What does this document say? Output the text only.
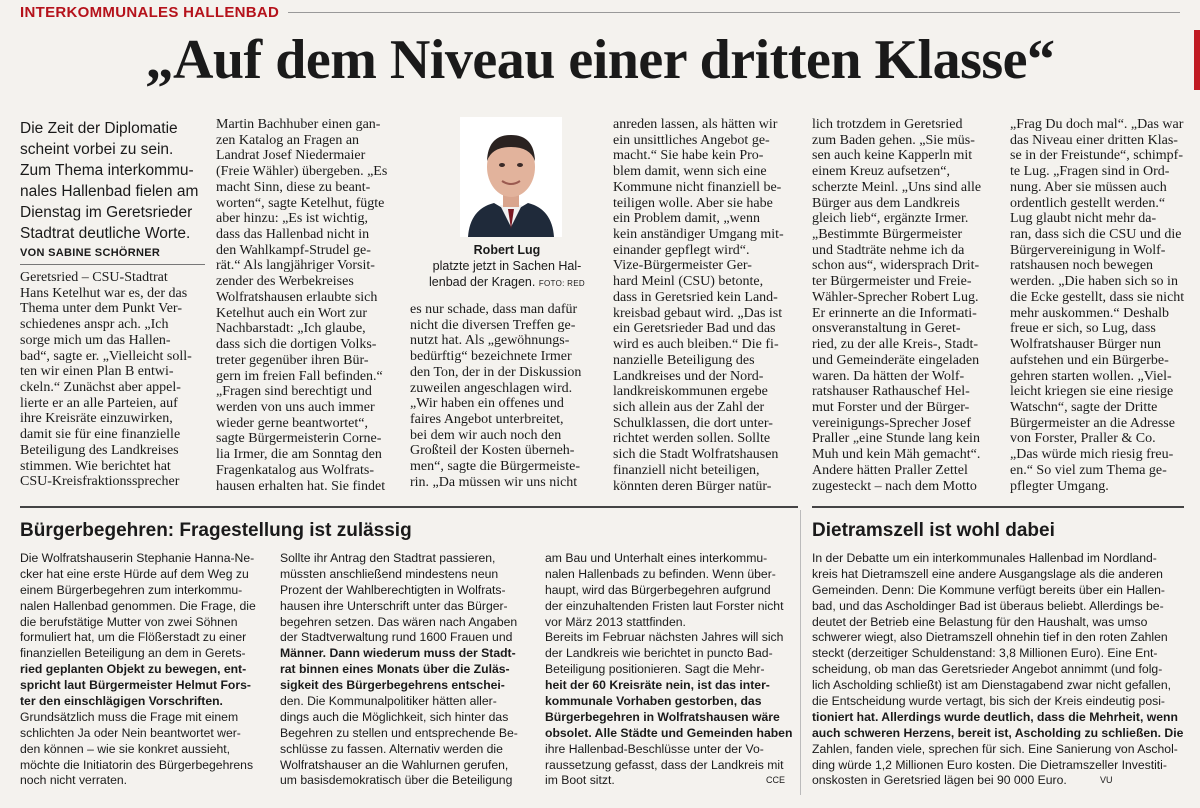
INTERKOMMUNALES HALLENBAD
„Auf dem Niveau einer dritten Klasse“
Die Zeit der Diplomatie
scheint vorbei zu sein.
Zum Thema interkommu-
nales Hallenbad fielen am
Dienstag im Geretsrieder
Stadtrat deutliche Worte.
VON SABINE SCHÖRNER
Geretsried – CSU-Stadtrat
Hans Ketelhut war es, der das
Thema unter dem Punkt Ver-
schiedenes anspr ach. „Ich
sorge mich um das Hallen-
bad“, sagte er. „Vielleicht soll-
ten wir einen Plan B entwi-
ckeln.“ Zunächst aber appel-
lierte er an alle Parteien, auf
ihre Kreisräte einzuwirken,
damit sie für eine finanzielle
Beteiligung des Landkreises
stimmen. Wie berichtet hat
CSU-Kreisfraktionssprecher
Martin Bachhuber einen gan-
zen Katalog an Fragen an
Landrat Josef Niedermaier
(Freie Wähler) übergeben. „Es
macht Sinn, diese zu beant-
worten“, sagte Ketelhut, fügte
aber hinzu: „Es ist wichtig,
dass das Hallenbad nicht in
den Wahlkampf-Strudel ge-
rät.“ Als langjähriger Vorsit-
zender des Werbekreises
Wolfratshausen erlaubte sich
Ketelhut auch ein Wort zur
Nachbarstadt: „Ich glaube,
dass sich die dortigen Volks-
treter gegenüber ihren Bür-
gern im freien Fall befinden.“
„Fragen sind berechtigt und
werden von uns auch immer
wieder gerne beantwortet“,
sagte Bürgermeisterin Corne-
lia Irmer, die am Sonntag den
Fragenkatalog aus Wolfrats-
hausen erhalten hat. Sie findet
Robert Lug
platzte jetzt in Sachen Hal-
lenbad der Kragen. FOTO: RED
es nur schade, dass man dafür
nicht die diversen Treffen ge-
nutzt hat. Als „gewöhnungs-
bedürftig“ bezeichnete Irmer
den Ton, der in der Diskussion
zuweilen angeschlagen wird.
„Wir haben ein offenes und
faires Angebot unterbreitet,
bei dem wir auch noch den
Großteil der Kosten überneh-
men“, sagte die Bürgermeiste-
rin. „Da müssen wir uns nicht
anreden lassen, als hätten wir
ein unsittliches Angebot ge-
macht.“ Sie habe kein Pro-
blem damit, wenn sich eine
Kommune nicht finanziell be-
teiligen wolle. Aber sie habe
ein Problem damit, „wenn
kein anständiger Umgang mit-
einander gepflegt wird“.
Vize-Bürgermeister Ger-
hard Meinl (CSU) betonte,
dass in Geretsried kein Land-
kreisbad gebaut wird. „Das ist
ein Geretsrieder Bad und das
wird es auch bleiben.“ Die fi-
nanzielle Beteiligung des
Landkreises und der Nord-
landkreiskommunen ergebe
sich allein aus der Zahl der
Schulklassen, die dort unter-
richtet werden sollen. Sollte
sich die Stadt Wolfratshausen
finanziell nicht beteiligen,
könnten deren Bürger natür-
lich trotzdem in Geretsried
zum Baden gehen. „Sie müs-
sen auch keine Kapperln mit
einem Kreuz aufsetzen“,
scherzte Meinl. „Uns sind alle
Bürger aus dem Landkreis
gleich lieb“, ergänzte Irmer.
„Bestimmte Bürgermeister
und Stadträte nehme ich da
schon aus“, widersprach Drit-
ter Bürgermeister und Freie-
Wähler-Sprecher Robert Lug.
Er erinnerte an die Informati-
onsveranstaltung in Geret-
ried, zu der alle Kreis-, Stadt-
und Gemeinderäte eingeladen
waren. Da hätten der Wolf-
ratshauser Rathauschef Hel-
mut Forster und der Bürger-
vereinigungs-Sprecher Josef
Praller „eine Stunde lang kein
Muh und kein Mäh gemacht“.
Andere hätten Praller Zettel
zugesteckt – nach dem Motto
„Frag Du doch mal“. „Das war
das Niveau einer dritten Klas-
se in der Freistunde“, schimpf-
te Lug. „Fragen sind in Ord-
nung. Aber sie müssen auch
ordentlich gestellt werden.“
Lug glaubt nicht mehr da-
ran, dass sich die CSU und die
Bürgervereinigung in Wolf-
ratshausen noch bewegen
werden. „Die haben sich so in
die Ecke gestellt, dass sie nicht
mehr auskommen.“ Deshalb
freue er sich, so Lug, dass
Wolfratshauser Bürger nun
aufstehen und ein Bürgerbe-
gehren starten wollen. „Viel-
leicht kriegen sie eine riesige
Watschn“, sagte der Dritte
Bürgermeister an die Adresse
von Forster, Praller & Co.
„Das würde mich riesig freu-
en.“ So viel zum Thema ge-
pflegter Umgang.
Bürgerbegehren: Fragestellung ist zulässig
Die Wolfratshauserin Stephanie Hanna-Ne-
cker hat eine erste Hürde auf dem Weg zu
einem Bürgerbegehren zum interkommu-
nalen Hallenbad genommen. Die Frage, die
die berufstätige Mutter von zwei Söhnen
formuliert hat, um die Flößerstadt zu einer
finanziellen Beteiligung an dem in Gerets-
ried geplanten Objekt zu bewegen, ent-
spricht laut Bürgermeister Helmut Fors-
ter den einschlägigen Vorschriften.
Grundsätzlich muss die Frage mit einem
schlichten Ja oder Nein beantwortet wer-
den können – wie sie konkret aussieht,
möchte die Initiatorin des Bürgerbegehrens
noch nicht verraten.
Sollte ihr Antrag den Stadtrat passieren,
müssten anschließend mindestens neun
Prozent der Wahlberechtigten in Wolfrats-
hausen ihre Unterschrift unter das Bürger-
begehren setzen. Das wären nach Angaben
der Stadtverwaltung rund 1600 Frauen und
Männer. Dann wiederum muss der Stadt-
rat binnen eines Monats über die Zuläs-
sigkeit des Bürgerbegehrens entschei-
den. Die Kommunalpolitiker hätten aller-
dings auch die Möglichkeit, sich hinter das
Begehren zu stellen und entsprechende Be-
schlüsse zu fassen. Alternativ werden die
Wolfratshauser an die Wahlurnen gerufen,
um basisdemokratisch über die Beteiligung
am Bau und Unterhalt eines interkommu-
nalen Hallenbads zu befinden. Wenn über-
haupt, wird das Bürgerbegehren aufgrund
der einzuhaltenden Fristen laut Forster nicht
vor März 2013 stattfinden.
Bereits im Februar nächsten Jahres will sich
der Landkreis wie berichtet in puncto Bad-
Beteiligung positionieren. Sagt die Mehr-
heit der 60 Kreisräte nein, ist das inter-
kommunale Vorhaben gestorben, das
Bürgerbegehren in Wolfratshausen wäre
obsolet. Alle Städte und Gemeinden haben
ihre Hallenbad-Beschlüsse unter der Vo-
raussetzung gefasst, dass der Landkreis mit
im Boot sitzt.	CCE
Dietramszell ist wohl dabei
In der Debatte um ein interkommunales Hallenbad im Nordland-
kreis hat Dietramszell eine andere Ausgangslage als die anderen
Gemeinden. Denn: Die Kommune verfügt bereits über ein Hallen-
bad, und das Ascholdinger Bad ist überaus beliebt. Allerdings be-
deutet der Betrieb eine Belastung für den Haushalt, was umso
schwerer wiegt, also Dietramszell ohnehin tief in den roten Zahlen
steckt (derzeitiger Schuldenstand: 3,8 Millionen Euro). Eine Ent-
scheidung, ob man das Geretsrieder Angebot annimmt (und folg-
lich Ascholding schließt) ist am Dienstagabend zwar nicht gefallen,
die Entscheidung wurde vertagt, bis sich der Kreis eindeutig posi-
tioniert hat. Allerdings wurde deutlich, dass die Mehrheit, wenn
auch schweren Herzens, bereit ist, Ascholding zu schließen. Die
Zahlen, fanden viele, sprechen für sich. Eine Sanierung von Aschol-
ding würde 1,2 Millionen Euro kosten. Die Dietramszeller Investiti-
onskosten in Geretsried lägen bei 90 000 Euro.	VU
